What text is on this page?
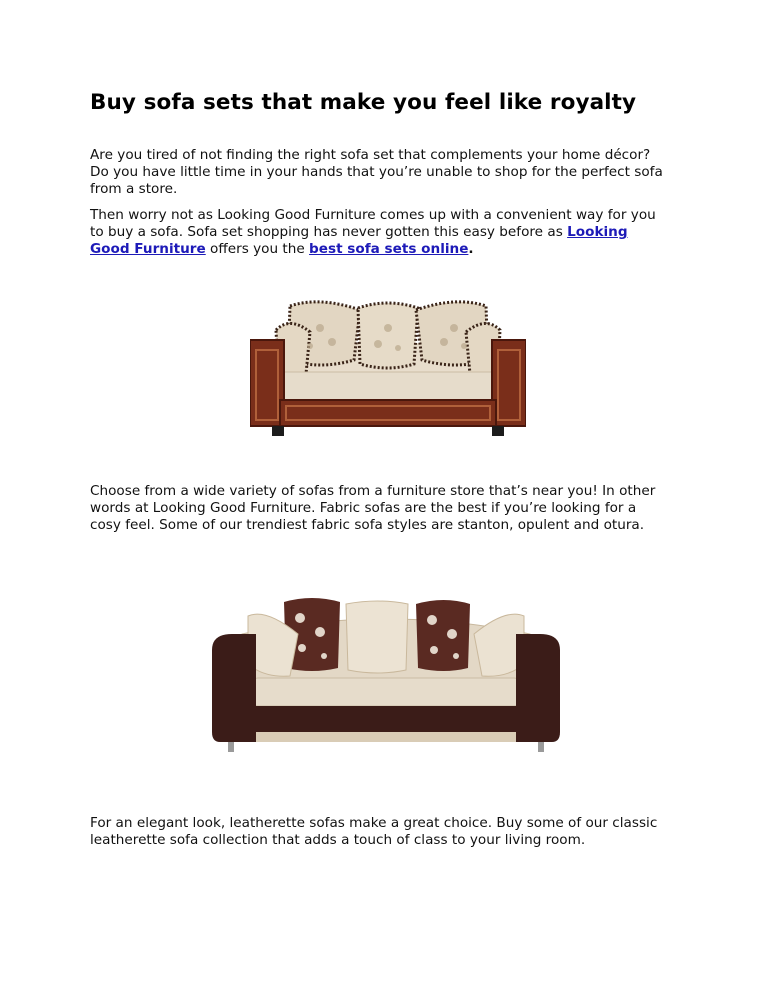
Buy sofa sets that make you feel like royalty

Are you tired of not finding the right sofa set that complements your home décor?
Do you have little time in your hands that you’re unable to shop for the perfect sofa
from a store.

Then worry not as Looking Good Furniture comes up with a convenient way for you
to buy a sofa. Sofa set shopping has never gotten this easy before as Looking
Good Furniture offers you the best sofa sets online.

Choose from a wide variety of sofas from a furniture store that’s near you! In other
words at Looking Good Furniture. Fabric sofas are the best if you’re looking for a
cosy feel. Some of our trendiest fabric sofa styles are stanton, opulent and otura.

For an elegant look, leatherette sofas make a great choice. Buy some of our classic
leatherette sofa collection that adds a touch of class to your living room.
